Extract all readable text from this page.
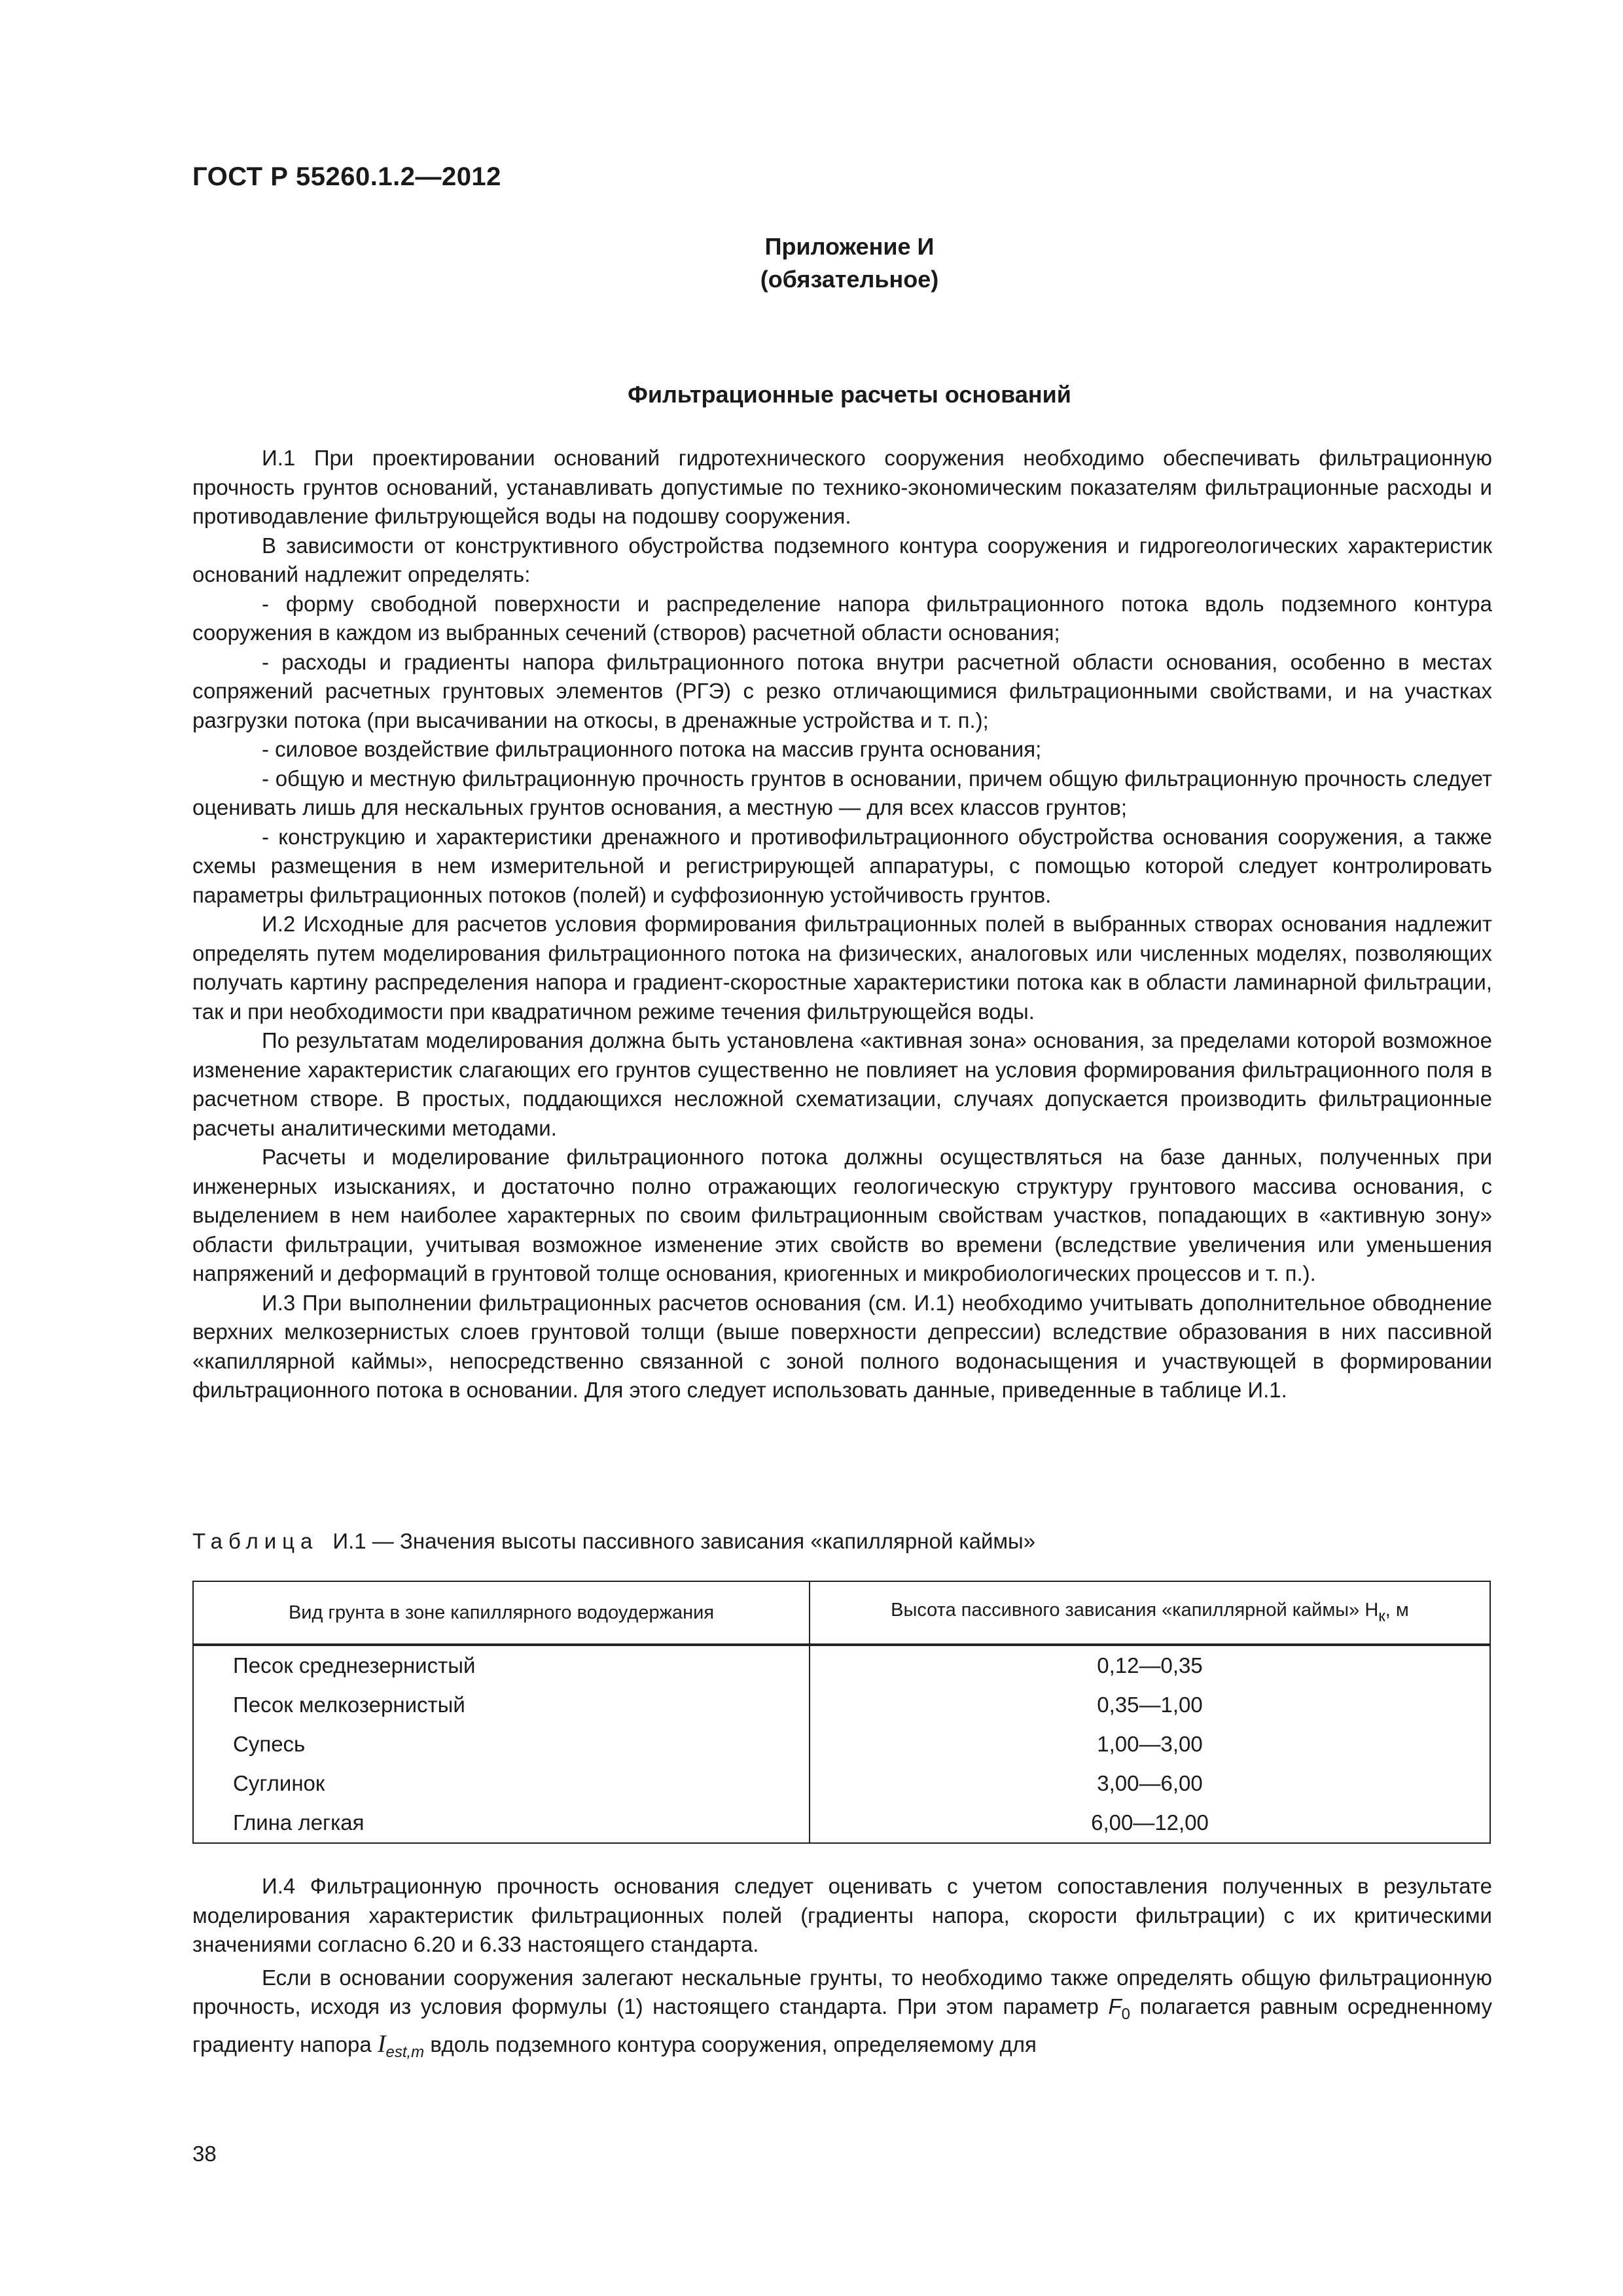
ГОСТ Р 55260.1.2—2012
Приложение И
(обязательное)
Фильтрационные расчеты оснований

И.1 При проектировании оснований гидротехнического сооружения необходимо обеспечивать фильтрационную прочность грунтов оснований, устанавливать допустимые по технико-экономическим показателям фильтрационные расходы и противодавление фильтрующейся воды на подошву сооружения.

В зависимости от конструктивного обустройства подземного контура сооружения и гидрогеологических характеристик оснований надлежит определять:

- форму свободной поверхности и распределение напора фильтрационного потока вдоль подземного контура сооружения в каждом из выбранных сечений (створов) расчетной области основания;

- расходы и градиенты напора фильтрационного потока внутри расчетной области основания, особенно в местах сопряжений расчетных грунтовых элементов (РГЭ) с резко отличающимися фильтрационными свойствами, и на участках разгрузки потока (при высачивании на откосы, в дренажные устройства и т. п.);

- силовое воздействие фильтрационного потока на массив грунта основания;

- общую и местную фильтрационную прочность грунтов в основании, причем общую фильтрационную прочность следует оценивать лишь для нескальных грунтов основания, а местную — для всех классов грунтов;

- конструкцию и характеристики дренажного и противофильтрационного обустройства основания сооружения, а также схемы размещения в нем измерительной и регистрирующей аппаратуры, с помощью которой следует контролировать параметры фильтрационных потоков (полей) и суффозионную устойчивость грунтов.

И.2 Исходные для расчетов условия формирования фильтрационных полей в выбранных створах основания надлежит определять путем моделирования фильтрационного потока на физических, аналоговых или численных моделях, позволяющих получать картину распределения напора и градиент-скоростные характеристики потока как в области ламинарной фильтрации, так и при необходимости при квадратичном режиме течения фильтрующейся воды.

По результатам моделирования должна быть установлена «активная зона» основания, за пределами которой возможное изменение характеристик слагающих его грунтов существенно не повлияет на условия формирования фильтрационного поля в расчетном створе. В простых, поддающихся несложной схематизации, случаях допускается производить фильтрационные расчеты аналитическими методами.

Расчеты и моделирование фильтрационного потока должны осуществляться на базе данных, полученных при инженерных изысканиях, и достаточно полно отражающих геологическую структуру грунтового массива основания, с выделением в нем наиболее характерных по своим фильтрационным свойствам участков, попадающих в «активную зону» области фильтрации, учитывая возможное изменение этих свойств во времени (вследствие увеличения или уменьшения напряжений и деформаций в грунтовой толще основания, криогенных и микробиологических процессов и т. п.).

И.3 При выполнении фильтрационных расчетов основания (см. И.1) необходимо учитывать дополнительное обводнение верхних мелкозернистых слоев грунтовой толщи (выше поверхности депрессии) вследствие образования в них пассивной «капиллярной каймы», непосредственно связанной с зоной полного водонасыщения и участвующей в формировании фильтрационного потока в основании. Для этого следует использовать данные, приведенные в таблице И.1.

Таблица И.1 — Значения высоты пассивного зависания «капиллярной каймы»
Вид грунта в зоне капиллярного водоудержания	Высота пассивного зависания «капиллярной каймы» $H_к$, м
Песок среднезернистый	0,12—0,35
Песок мелкозернистый	0,35—1,00
Супесь	1,00—3,00
Суглинок	3,00—6,00
Глина легкая	6,00—12,00

И.4 Фильтрационную прочность основания следует оценивать с учетом сопоставления полученных в результате моделирования характеристик фильтрационных полей (градиенты напора, скорости фильтрации) с их критическими значениями согласно 6.20 и 6.33 настоящего стандарта.

Если в основании сооружения залегают нескальные грунты, то необходимо также определять общую фильтрационную прочность, исходя из условия формулы (1) настоящего стандарта. При этом параметр $F_0$ полагается равным осредненному градиенту напора $I_{est,m}$ вдоль подземного контура сооружения, определяемому для

38
